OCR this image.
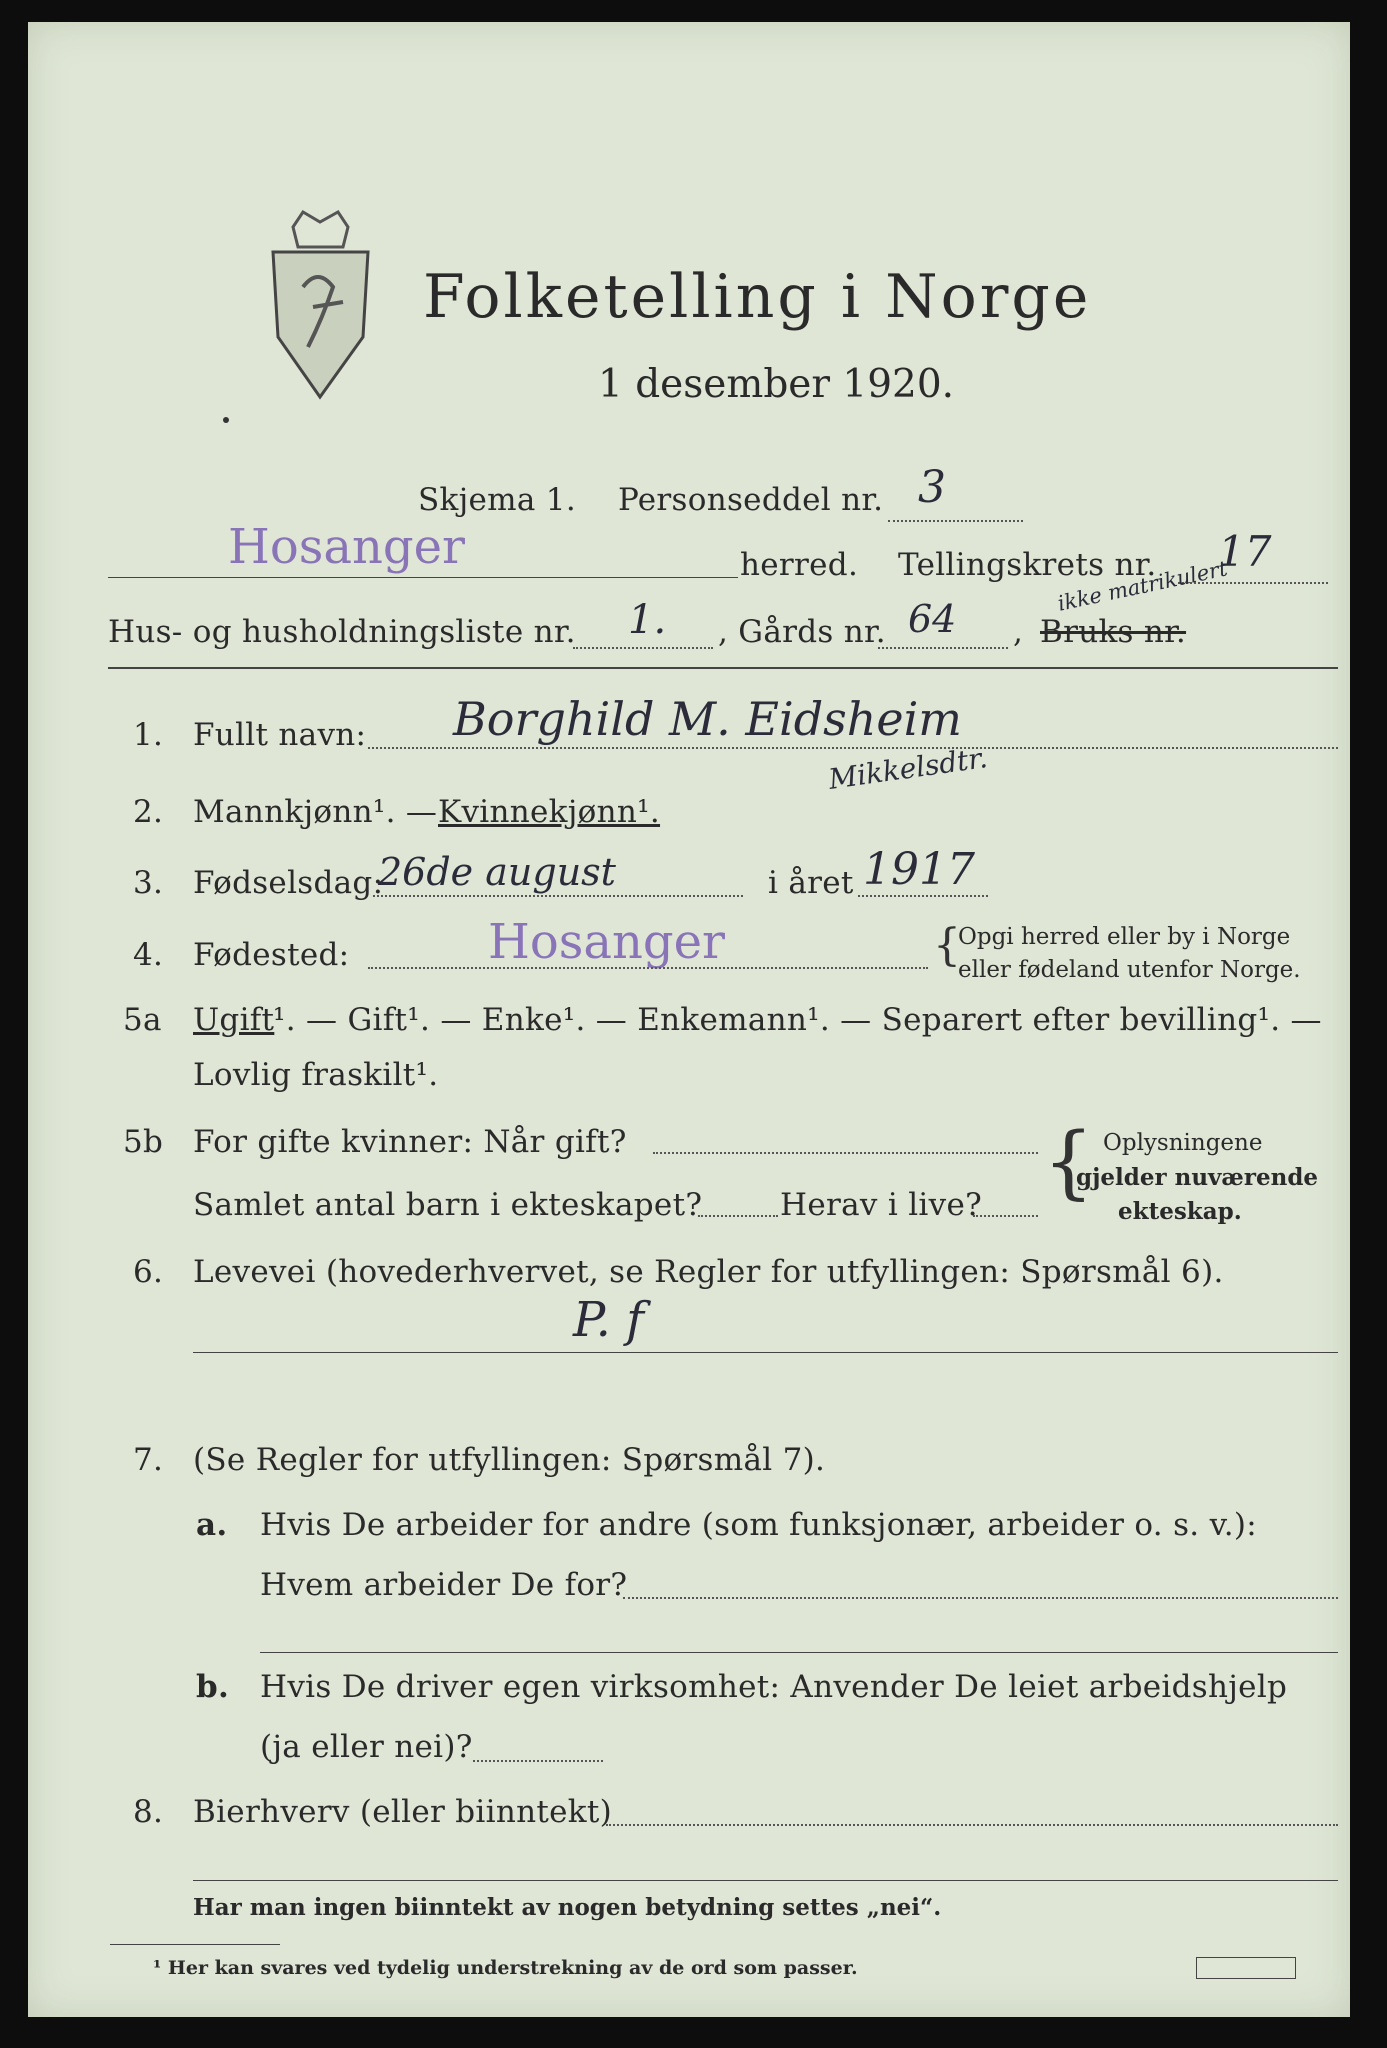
Folketelling i Norge
1 desember 1920.
Skjema 1. Personseddel nr. 3
Hosanger	herred. Tellingskrets nr. 17
Hus- og husholdningsliste nr. 1. , Gårds nr. 64 , Bruks nr.
ikke matrikulert
1. Fullt navn: Borghild M. Eidsheim
Mikkelsdtr.
2. Mannkjønn¹. — Kvinnekjønn¹.
3. Fødselsdag:
26de august	i året 1917
4. Fødested:	Hosanger	{
Opgi herred eller by i Norge
eller fødeland utenfor Norge.
5a Ugift
¹. — Gift¹. — Enke¹. — Enkemann¹. — Separert efter bevilling¹. —
Lovlig fraskilt¹.
5b For gifte kvinner: Når gift?
Samlet antal barn i ekteskapet?	Herav i live? { Oplysningene
gjelder nuværende
ekteskap.
6. Levevei (hovederhvervet, se Regler for utfyllingen: Spørsmål 6).
P. f
7. (Se Regler for utfyllingen: Spørsmål 7).
a. Hvis De arbeider for andre (som funksjonær, arbeider o. s. v.):
Hvem arbeider De for?
b. Hvis De driver egen virksomhet: Anvender De leiet arbeidshjelp
(ja eller nei)?
8. Bierhverv (eller biinntekt)
Har man ingen biinntekt av nogen betydning settes „nei“.
¹ Her kan svares ved tydelig understrekning av de ord som passer.
